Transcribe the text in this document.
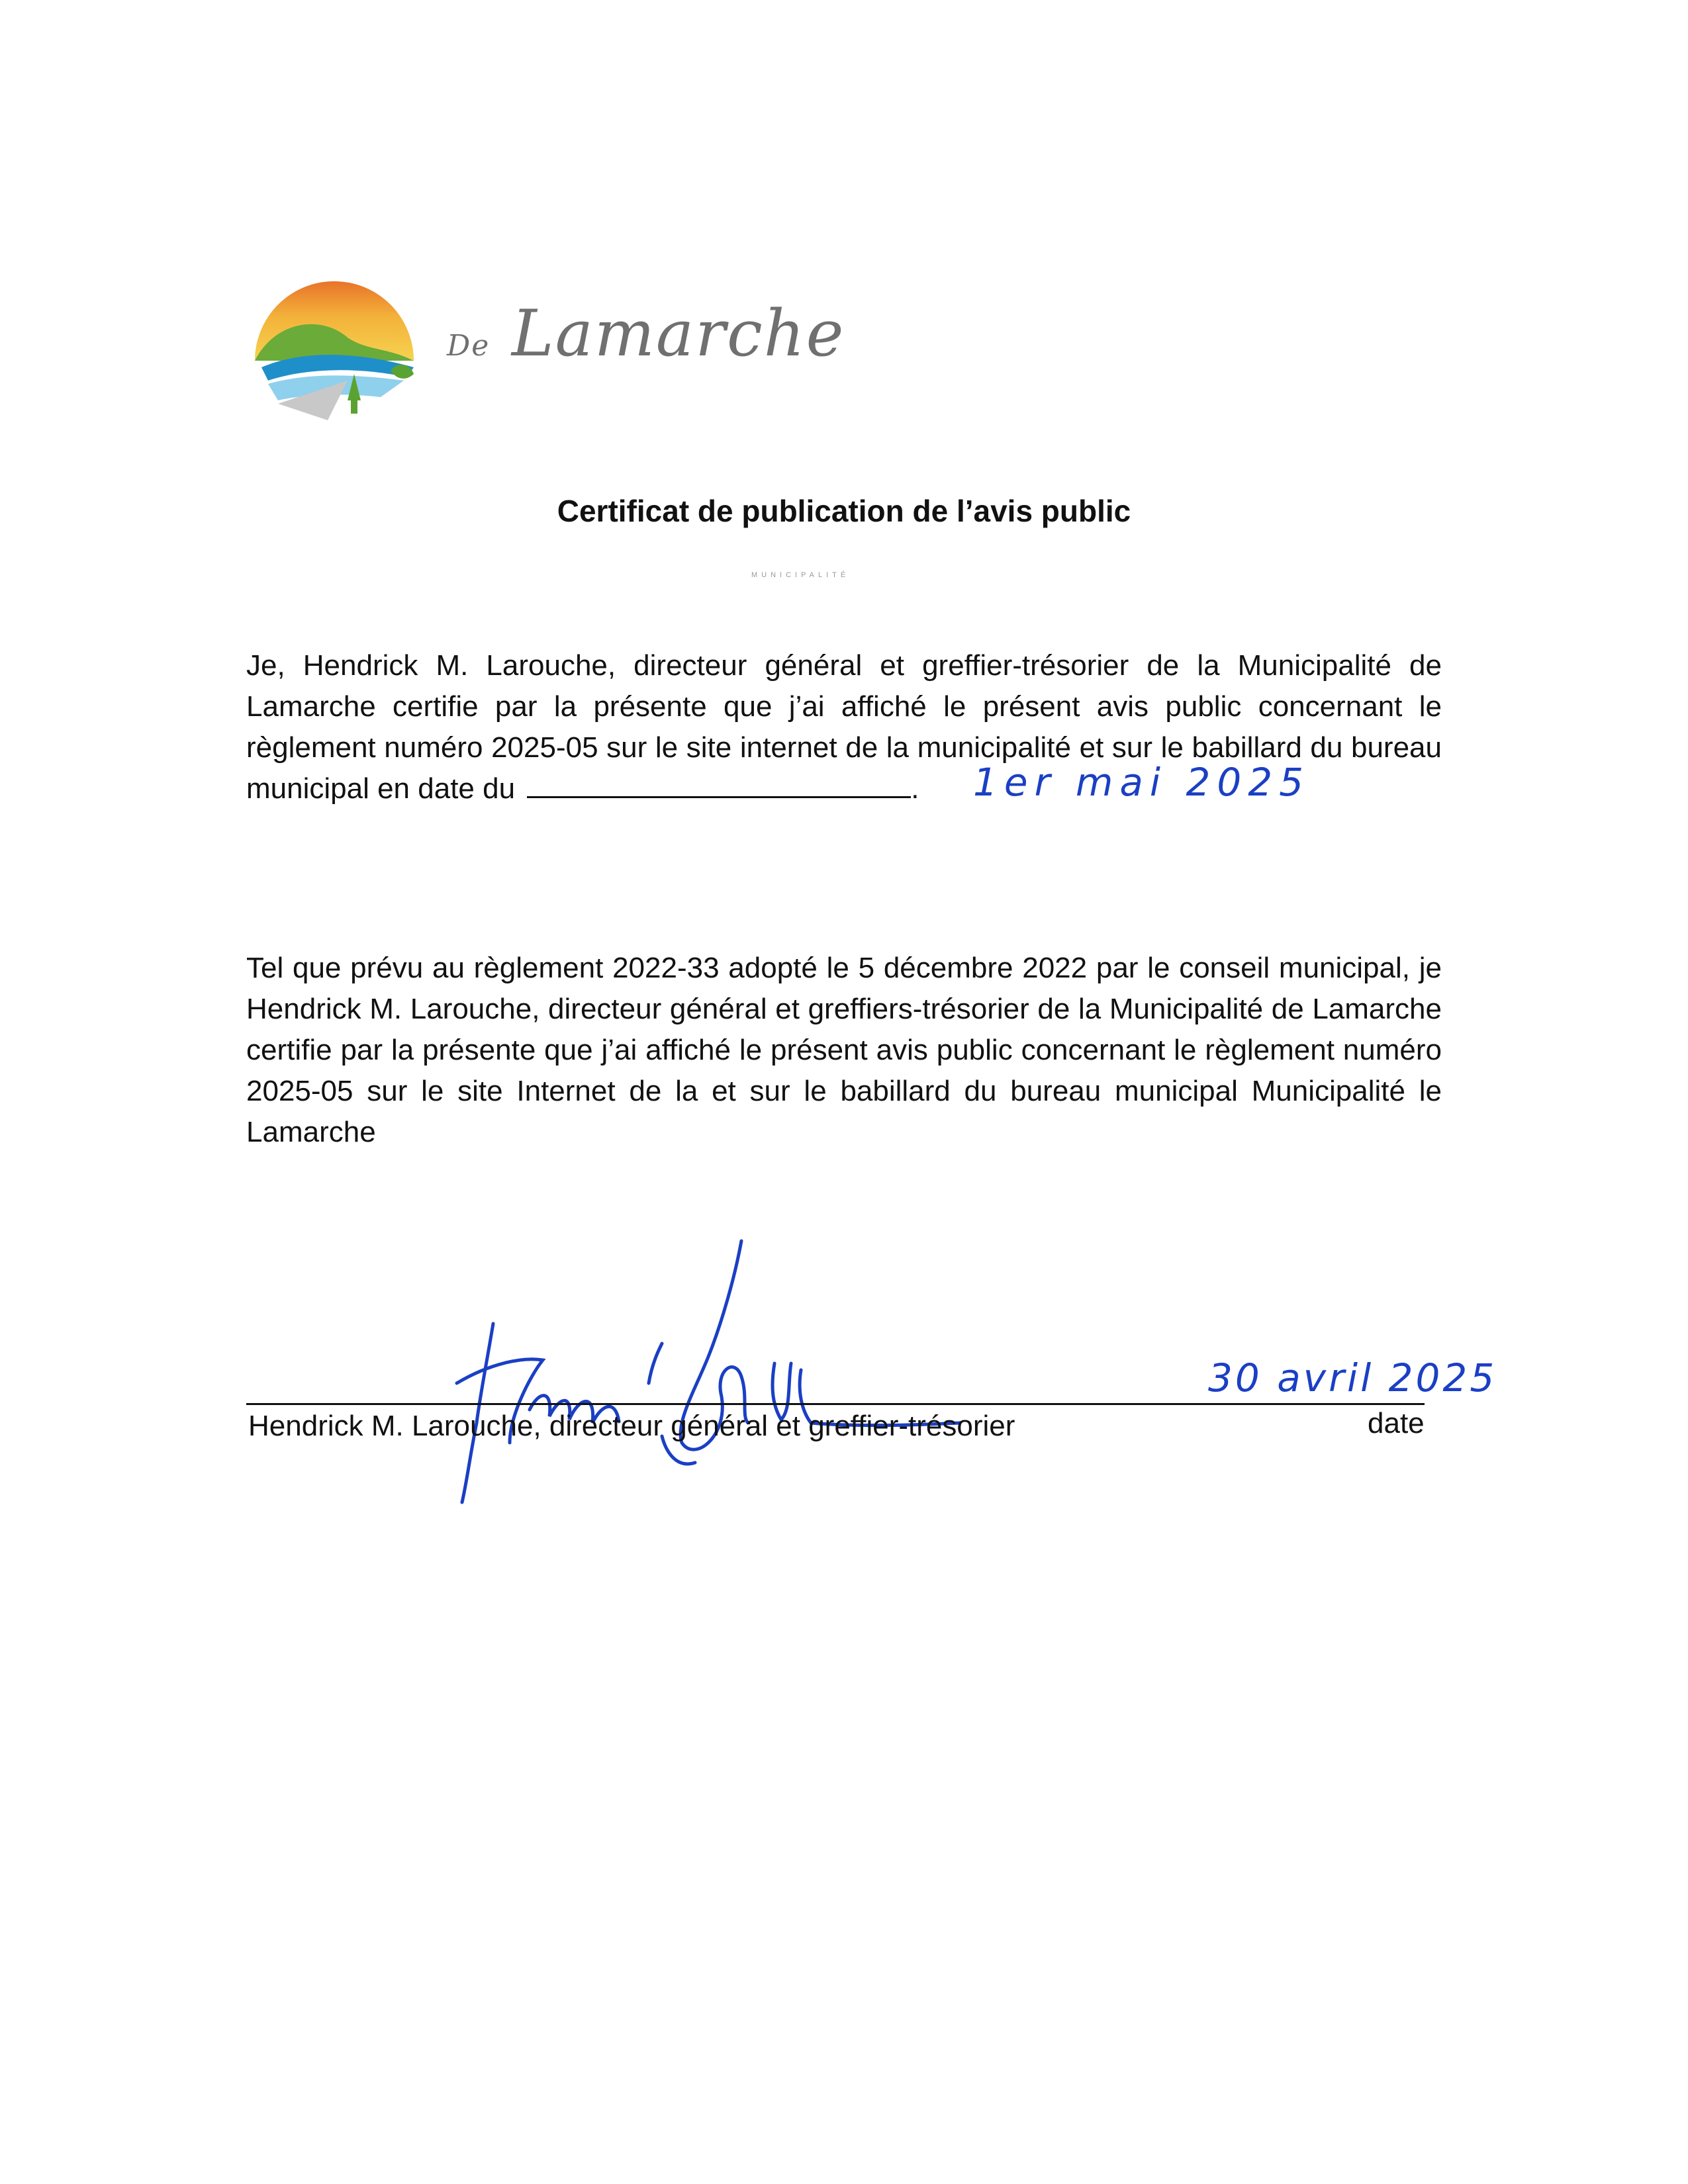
MUNICIPALITÉ
De Lamarche
Certificat de publication de l’avis public
Je, Hendrick M. Larouche, directeur général et greffier-trésorier de la Municipalité de Lamarche certifie par la présente que j’ai affiché le présent avis public concernant le règlement numéro 2025-05 sur le site internet de la municipalité et sur le babillard du bureau municipal en date du	.	1er mai 2025
Tel que prévu au règlement 2022-33 adopté le 5 décembre 2022 par le conseil municipal, je Hendrick M. Larouche, directeur général et greffiers-trésorier de la Municipalité de Lamarche certifie par la présente que j’ai affiché le présent avis public concernant le règlement numéro 2025-05 sur le site Internet de la et sur le babillard du bureau municipal Municipalité le Lamarche
30 avril 2025
Hendrick M. Larouche, directeur général et greffier-trésorier	date
